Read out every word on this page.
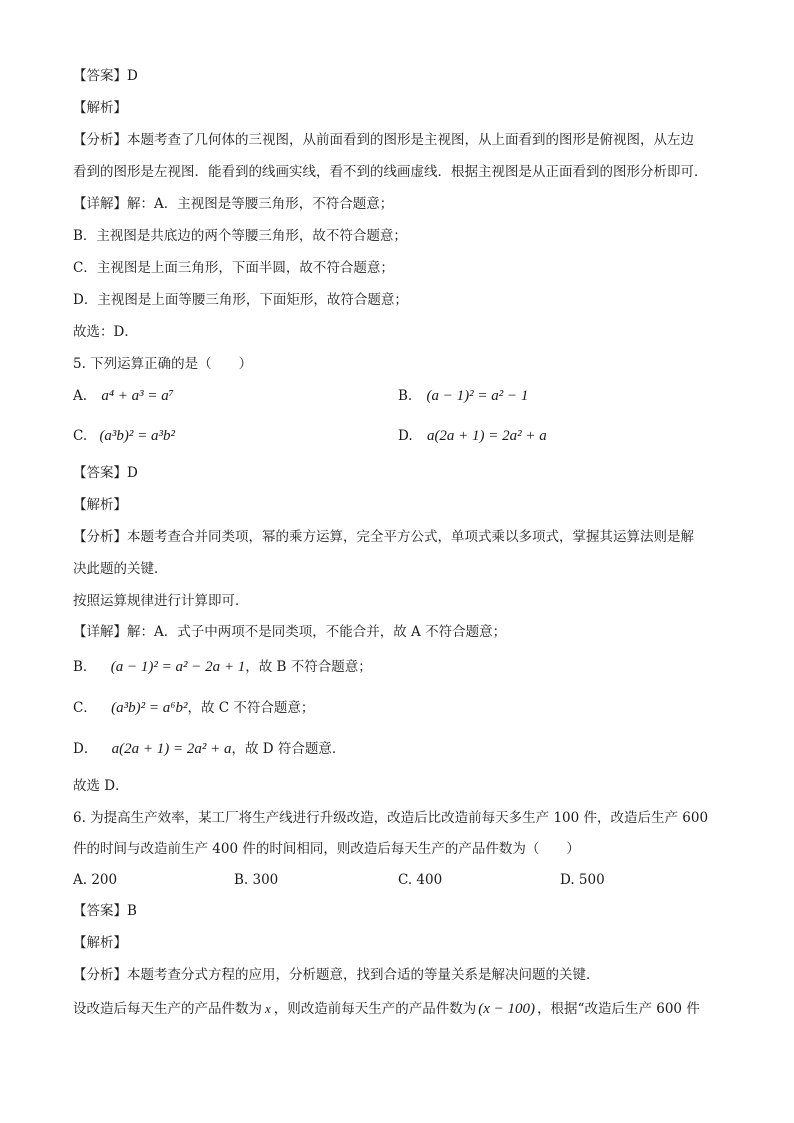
【答案】D
【解析】
【分析】本题考查了几何体的三视图，从前面看到的图形是主视图，从上面看到的图形是俯视图，从左边
看到的图形是左视图．能看到的线画实线，看不到的线画虚线．根据主视图是从正面看到的图形分析即可．
【详解】解：A．主视图是等腰三角形，不符合题意；
B．主视图是共底边的两个等腰三角形，故不符合题意；
C．主视图是上面三角形，下面半圆，故不符合题意；
D．主视图是上面等腰三角形，下面矩形，故符合题意；
故选：D．
5. 下列运算正确的是（　　）
A. a⁴ + a³ = a⁷	B. (a − 1)² = a² − 1
C. (a³b)² = a³b²	D. a(2a + 1) = 2a² + a
【答案】D
【解析】
【分析】本题考查合并同类项，幂的乘方运算，完全平方公式，单项式乘以多项式，掌握其运算法则是解
决此题的关键．
按照运算规律进行计算即可．
【详解】解：A．式子中两项不是同类项，不能合并，故 A 不符合题意；
B． (a − 1)² = a² − 2a + 1，故 B 不符合题意；
C． (a³b)² = a⁶b²，故 C 不符合题意；
D． a(2a + 1) = 2a² + a，故 D 符合题意．
故选 D．
6. 为提高生产效率，某工厂将生产线进行升级改造，改造后比改造前每天多生产 100 件，改造后生产 600
件的时间与改造前生产 400 件的时间相同，则改造后每天生产的产品件数为（　　）
A. 200	B. 300	C. 400	D. 500
【答案】B
【解析】
【分析】本题考查分式方程的应用，分析题意，找到合适的等量关系是解决问题的关键．
设改造后每天生产的产品件数为 x ，则改造前每天生产的产品件数为 (x − 100) ，根据“改造后生产 600 件
